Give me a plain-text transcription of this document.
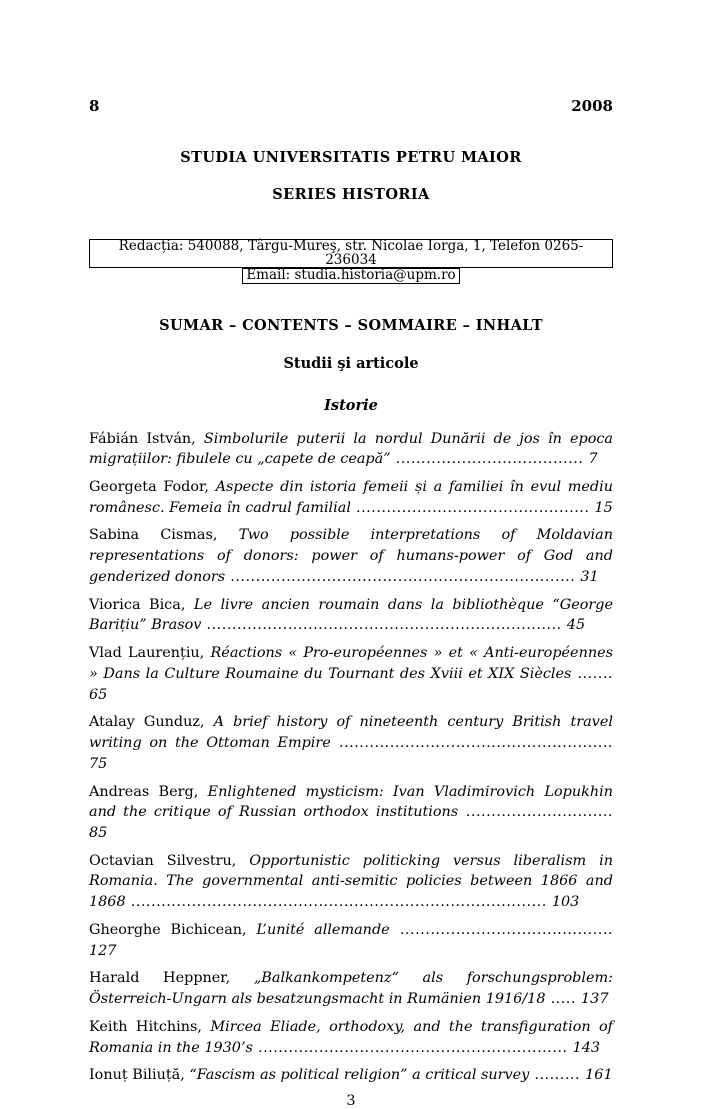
8	2008
STUDIA UNIVERSITATIS PETRU MAIOR
SERIES HISTORIA
Redacția: 540088, Târgu-Mureş, str. Nicolae Iorga, 1, Telefon 0265-236034
Email: studia.historia@upm.ro
SUMAR – CONTENTS – SOMMAIRE – INHALT
Studii şi articole
Istorie

Fábián István, Simbolurile puterii la nordul Dunării de jos în epoca migrațiilor: fibulele cu „capete de ceapă” ..................................... 7

Georgeta Fodor, Aspecte din istoria femeii și a familiei în evul mediu românesc. Femeia în cadrul familial .............................................. 15

Sabina Cismas, Two possible interpretations of Moldavian representations of donors: power of humans-power of God and genderized donors .................................................................... 31

Viorica Bica, Le livre ancien roumain dans la bibliothèque “George Barițiu” Brasov ...................................................................... 45

Vlad Laurențiu, Réactions « Pro-européennes » et « Anti-européennes » Dans la Culture Roumaine du Tournant des Xviii et XIX Siècles ....... 65

Atalay Gunduz, A brief history of nineteenth century British travel writing on the Ottoman Empire ...................................................... 75

Andreas Berg, Enlightened mysticism: Ivan Vladimirovich Lopukhin and the critique of Russian orthodox institutions ............................. 85

Octavian Silvestru, Opportunistic politicking versus liberalism in Romania. The governmental anti-semitic policies between 1866 and 1868 .................................................................................. 103

Gheorghe Bichicean, L’unité allemande .......................................... 127

Harald Heppner, „Balkankompetenz“ als forschungsproblem: Österreich-Ungarn als besatzungsmacht in Rumänien 1916/18 ..... 137

Keith Hitchins, Mircea Eliade, orthodoxy, and the transfiguration of Romania in the 1930’s ............................................................. 143

Ionuț Biliuță, “Fascism as political religion” a critical survey ......... 161

3
